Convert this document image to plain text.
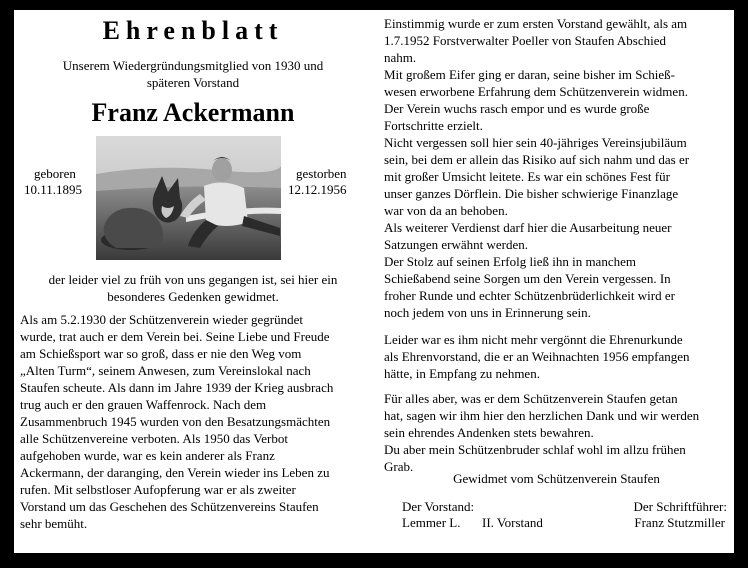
Ehrenblatt
Unserem Wiedergründungsmitglied von 1930 und
späteren Vorstand
Franz Ackermann
geboren
10.11.1895
gestorben
12.12.1956
der leider viel zu früh von uns gegangen ist, sei hier ein
besonderes Gedenken gewidmet.
Als am 5.2.1930 der Schützenverein wieder gegründet
wurde, trat auch er dem Verein bei. Seine Liebe und Freude
am Schießsport war so groß, dass er nie den Weg vom
„Alten Turm“, seinem Anwesen, zum Vereinslokal nach
Staufen scheute. Als dann im Jahre 1939 der Krieg ausbrach
trug auch er den grauen Waffenrock. Nach dem
Zusammenbruch 1945 wurden von den Besatzungsmächten
alle Schützenvereine verboten. Als 1950 das Verbot
aufgehoben wurde, war es kein anderer als Franz
Ackermann, der daranging, den Verein wieder ins Leben zu
rufen. Mit selbstloser Aufopferung war er als zweiter
Vorstand um das Geschehen des Schützenvereins Staufen
sehr bemüht.
Einstimmig wurde er zum ersten Vorstand gewählt, als am
1.7.1952 Forstverwalter Poeller von Staufen Abschied
nahm.
Mit großem Eifer ging er daran, seine bisher im Schieß-
wesen erworbene Erfahrung dem Schützenverein widmen.
Der Verein wuchs rasch empor und es wurde große
Fortschritte erzielt.
Nicht vergessen soll hier sein 40-jähriges Vereinsjubiläum
sein, bei dem er allein das Risiko auf sich nahm und das er
mit großer Umsicht leitete. Es war ein schönes Fest für
unser ganzes Dörflein. Die bisher schwierige Finanzlage
war von da an behoben.
Als weiterer Verdienst darf hier die Ausarbeitung neuer
Satzungen erwähnt werden.
Der Stolz auf seinen Erfolg ließ ihn in manchem
Schießabend seine Sorgen um den Verein vergessen. In
froher Runde und echter Schützenbrüderlichkeit wird er
noch jedem von uns in Erinnerung sein.
Leider war es ihm nicht mehr vergönnt die Ehrenurkunde
als Ehrenvorstand, die er an Weihnachten 1956 empfangen
hätte, in Empfang zu nehmen.
Für alles aber, was er dem Schützenverein Staufen getan
hat, sagen wir ihm hier den herzlichen Dank und wir werden
sein ehrendes Andenken stets bewahren.
Du aber mein Schützenbruder schlaf wohl im allzu frühen
Grab.
Gewidmet vom Schützenverein Staufen
Der Vorstand:
Lemmer L. II. Vorstand
Der Schriftführer:
Franz Stutzmiller
